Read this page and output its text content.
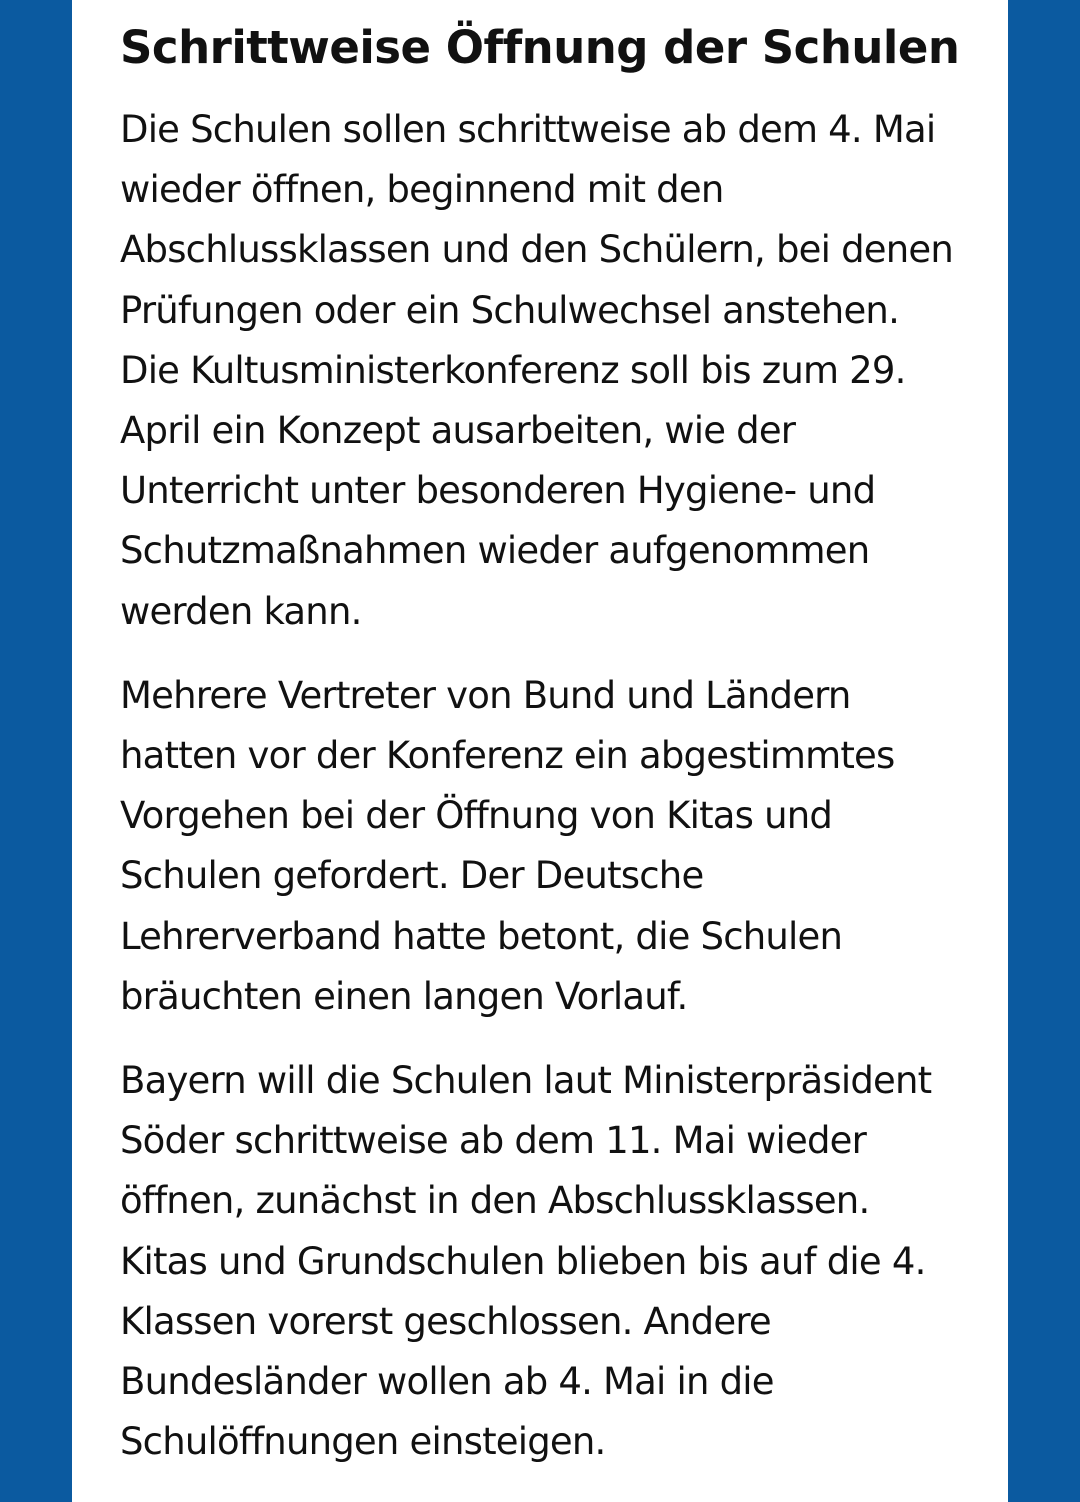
Schrittweise Öffnung der Schulen
Die Schulen sollen schrittweise ab dem 4. Mai
wieder öffnen, beginnend mit den
Abschlussklassen und den Schülern, bei denen
Prüfungen oder ein Schulwechsel anstehen.
Die Kultusministerkonferenz soll bis zum 29.
April ein Konzept ausarbeiten, wie der
Unterricht unter besonderen Hygiene- und
Schutzmaßnahmen wieder aufgenommen
werden kann.
Mehrere Vertreter von Bund und Ländern
hatten vor der Konferenz ein abgestimmtes
Vorgehen bei der Öffnung von Kitas und
Schulen gefordert. Der Deutsche
Lehrerverband hatte betont, die Schulen
bräuchten einen langen Vorlauf.
Bayern will die Schulen laut Ministerpräsident
Söder schrittweise ab dem 11. Mai wieder
öffnen, zunächst in den Abschlussklassen.
Kitas und Grundschulen blieben bis auf die 4.
Klassen vorerst geschlossen. Andere
Bundesländer wollen ab 4. Mai in die
Schulöffnungen einsteigen.
